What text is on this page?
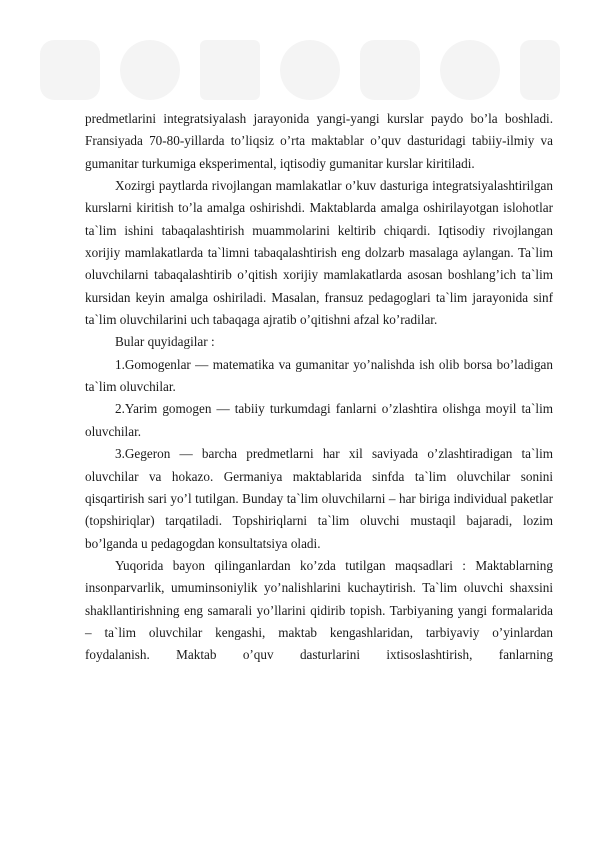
predmetlarini integratsiyalash jarayonida yangi-yangi kurslar paydo bo’la boshladi. Fransiyada 70-80-yillarda to’liqsiz o’rta maktablar o’quv dasturidagi tabiiy-ilmiy va gumanitar turkumiga eksperimental, iqtisodiy gumanitar kurslar kiritiladi.

Xozirgi paytlarda rivojlangan mamlakatlar o’kuv dasturiga integratsiyalashtirilgan kurslarni kiritish to’la amalga oshirishdi. Maktablarda amalga oshirilayotgan islohotlar ta`lim ishini tabaqalashtirish muammolarini keltirib chiqardi. Iqtisodiy rivojlangan xorijiy mamlakatlarda ta`limni tabaqalashtirish eng dolzarb masalaga aylangan. Ta`lim oluvchilarni tabaqalashtirib o’qitish xorijiy mamlakatlarda asosan boshlang’ich ta`lim kursidan keyin amalga oshiriladi. Masalan, fransuz pedagoglari ta`lim jarayonida sinf ta`lim oluvchilarini uch tabaqaga ajratib o’qitishni afzal ko’radilar.

Bular quyidagilar :

1.Gomogenlar — matematika va gumanitar yo’nalishda ish olib borsa bo’ladigan ta`lim oluvchilar.

2.Yarim gomogen — tabiiy turkumdagi fanlarni o’zlashtira olishga moyil ta`lim oluvchilar.

3.Gegeron — barcha predmetlarni har xil saviyada o’zlashtiradigan ta`lim oluvchilar va hokazo. Germaniya maktablarida sinfda ta`lim oluvchilar sonini qisqartirish sari yo’l tutilgan. Bunday ta`lim oluvchilarni – har biriga individual paketlar (topshiriqlar) tarqatiladi. Topshiriqlarni ta`lim oluvchi mustaqil bajaradi, lozim bo’lganda u pedagogdan konsultatsiya oladi.

Yuqorida bayon qilinganlardan ko’zda tutilgan maqsadlari : Maktablarning insonparvarlik, umuminsoniylik yo’nalishlarini kuchaytirish. Ta`lim oluvchi shaxsini shakllantirishning eng samarali yo’llarini qidirib topish. Tarbiyaning yangi formalarida – ta`lim oluvchilar kengashi, maktab kengashlaridan, tarbiyaviy o’yinlardan foydalanish. Maktab o’quv dasturlarini ixtisoslashtirish, fanlarning
